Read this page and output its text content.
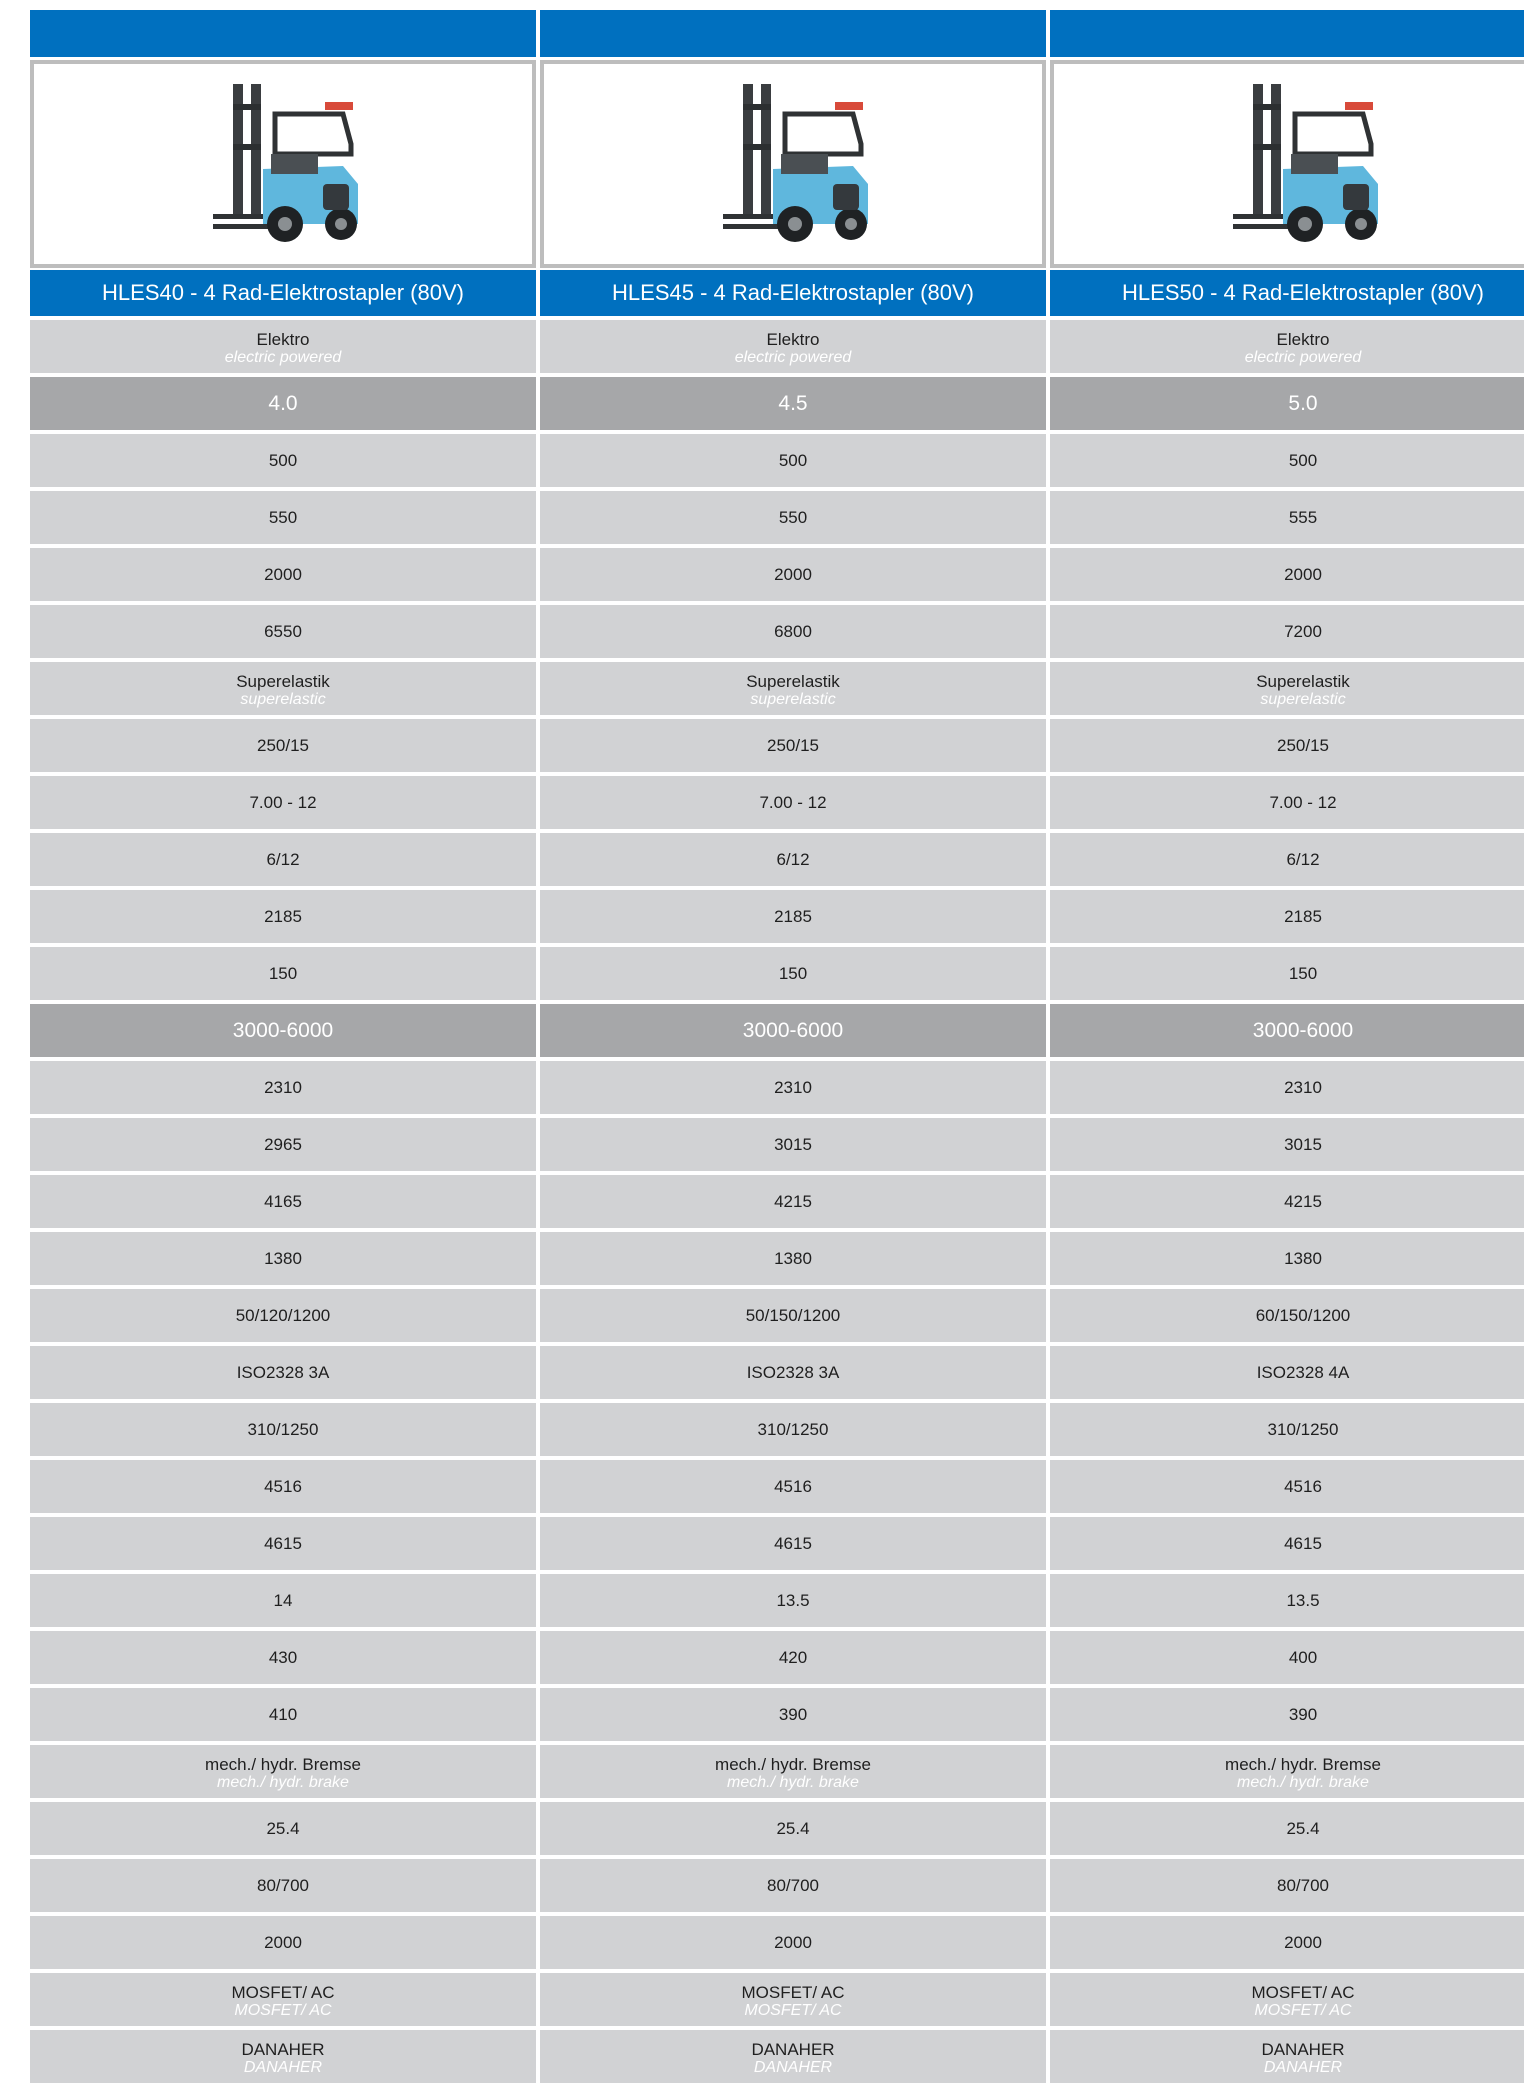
HLES40 - 4 Rad-Elektrostapler (80V)
Elektro
electric powered
4.0
500
550
2000
6550
Superelastik
superelastic
250/15
7.00 - 12
6/12
2185
150
3000-6000
2310
2965
4165
1380
50/120/1200
ISO2328 3A
310/1250
4516
4615
14
430
410
mech./ hydr. Bremse
mech./ hydr. brake
25.4
80/700
2000
MOSFET/ AC
MOSFET/ AC
DANAHER
DANAHER
HLES45 - 4 Rad-Elektrostapler (80V)
Elektro
electric powered
4.5
500
550
2000
6800
Superelastik
superelastic
250/15
7.00 - 12
6/12
2185
150
3000-6000
2310
3015
4215
1380
50/150/1200
ISO2328 3A
310/1250
4516
4615
13.5
420
390
mech./ hydr. Bremse
mech./ hydr. brake
25.4
80/700
2000
MOSFET/ AC
MOSFET/ AC
DANAHER
DANAHER
HLES50 - 4 Rad-Elektrostapler (80V)
Elektro
electric powered
5.0
500
555
2000
7200
Superelastik
superelastic
250/15
7.00 - 12
6/12
2185
150
3000-6000
2310
3015
4215
1380
60/150/1200
ISO2328 4A
310/1250
4516
4615
13.5
400
390
mech./ hydr. Bremse
mech./ hydr. brake
25.4
80/700
2000
MOSFET/ AC
MOSFET/ AC
DANAHER
DANAHER
